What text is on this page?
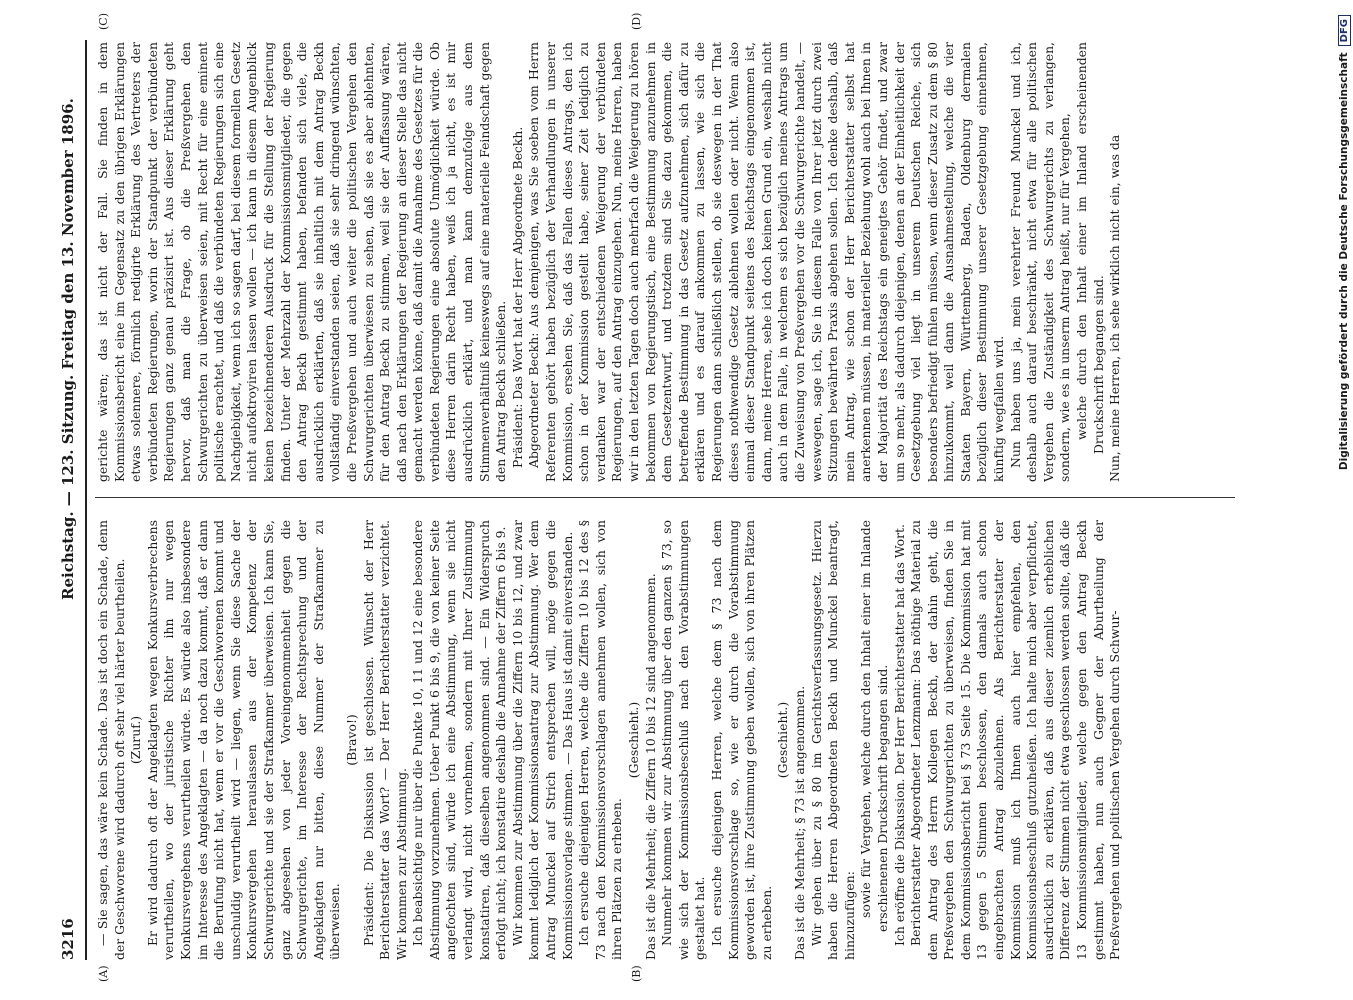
3216
Reichstag. — 123. Sitzung. Freitag den 13. November 1896.
(A)	(B)
(C)	(D)

— Sie sagen, das wäre kein Schade. Das ist doch ein Schade, denn der Geschworene wird dadurch oft sehr viel härter beurtheilen. (Zuruf.) Er wird dadurch oft der Angeklagten wegen Konkursverbrechens verurtheilen, wo der juristische Richter ihn nur wegen Konkursvergehens verurtheilen würde. Es würde also insbesondere im Interesse des Angeklagten — da noch dazu kommt, daß er dann die Berufung nicht hat, wenn er vor die Geschworenen kommt und unschuldig verurtheilt wird — liegen, wenn Sie diese Sache der Konkursvergehen herauslassen aus der Kompetenz der Schwurgerichte und sie der Strafkammer überweisen. Ich kann Sie, ganz abgesehen von jeder Voreingenommenheit gegen die Schwurgerichte, im Interesse der Rechtsprechung und der Angeklagten nur bitten, diese Nummer der Strafkammer zu überweisen.

(Bravo!) Präsident: Die Diskussion ist geschlossen. Wünscht der Herr Berichterstatter das Wort? — Der Herr Berichterstatter verzichtet. Wir kommen zur Abstimmung. Ich beabsichtige nur über die Punkte 10, 11 und 12 eine besondere Abstimmung vorzunehmen. Ueber Punkt 6 bis 9, die von keiner Seite angefochten sind, würde ich eine Abstimmung, wenn sie nicht verlangt wird, nicht vornehmen, sondern mit Ihrer Zustimmung konstatiren, daß dieselben angenommen sind. — Ein Widerspruch erfolgt nicht; ich konstatire deshalb die Annahme der Ziffern 6 bis 9. Wir kommen zur Abstimmung über die Ziffern 10 bis 12, und zwar kommt lediglich der Kommissionsantrag zur Abstimmung. Wer dem Antrag Munckel auf Strich entsprechen will, möge gegen die Kommissionsvorlage stimmen. — Das Haus ist damit einverstanden. Ich ersuche diejenigen Herren, welche die Ziffern 10 bis 12 des § 73 nach den Kommissionsvorschlagen annehmen wollen, sich von ihren Plätzen zu erheben.

(Geschieht.) Das ist die Mehrheit; die Ziffern 10 bis 12 sind angenommen. Nunmehr kommen wir zur Abstimmung über den ganzen § 73, so wie sich der Kommissionsbeschluß nach den Vorabstimmungen gestaltet hat. Ich ersuche diejenigen Herren, welche dem § 73 nach dem Kommissionsvorschlage so, wie er durch die Vorabstimmung geworden ist, ihre Zustimmung geben wollen, sich von ihren Plätzen zu erheben.

(Geschieht.) Das ist die Mehrheit; § 73 ist angenommen. Wir gehen über zu § 80 im Gerichtsverfassungsgesetz. Hierzu haben die Herren Abgeordneten Beckh und Munckel beantragt, hinzuzufügen: sowie für Vergehen, welche durch den Inhalt einer im Inlande erschienenen Druckschrift begangen sind. Ich eröffne die Diskussion. Der Herr Berichterstatter hat das Wort. Berichterstatter Abgeordneter Lenzmann: Das nöthige Material zu dem Antrag des Herrn Kollegen Beckh, der dahin geht, die Preßvergehen den Schwurgerichten zu überweisen, finden Sie in dem Kommissionsbericht bei § 73 Seite 15. Die Kommission hat mit 13 gegen 5 Stimmen beschlossen, den damals auch schon eingebrachten Antrag abzulehnen. Als Berichterstatter der Kommission muß ich Ihnen auch hier empfehlen, den Kommissionsbeschluß gutzuheißen. Ich halte mich aber verpflichtet, ausdrücklich zu erklären, daß aus dieser ziemlich erheblichen Differenz der Stimmen nicht etwa geschlossen werden sollte, daß die 13 Kommissionsmitglieder, welche gegen den Antrag Beckh gestimmt haben, nun auch Gegner der Aburtheilung der Preßvergehen und politischen Vergehen durch Schwur-

gerichte wären; das ist nicht der Fall. Sie finden in dem Kommissionsbericht eine im Gegensatz zu den übrigen Erklärungen etwas solennere, förmlich redigirte Erklärung des Vertreters der verbündeten Regierungen, worin der Standpunkt der verbündeten Regierungen ganz genau präzisirt ist. Aus dieser Erklärung geht hervor, daß man die Frage, ob die Preßvergehen den Schwurgerichten zu überweisen seien, mit Recht für eine eminent politische erachtet, und daß die verbündeten Regierungen sich eine Nachgiebigkeit, wenn ich so sagen darf, bei diesem formellen Gesetz nicht aufoktroyiren lassen wollen — ich kann in diesem Augenblick keinen bezeichnenderen Ausdruck für die Stellung der Regierung finden. Unter der Mehrzahl der Kommissionsmitglieder, die gegen den Antrag Beckh gestimmt haben, befanden sich viele, die ausdrücklich erklärten, daß sie inhaltlich mit dem Antrag Beckh vollständig einverstanden seien, daß sie sehr dringend wünschten, die Preßvergehen und auch weiter die politischen Vergehen den Schwurgerichten überwiesen zu sehen, daß sie es aber ablehnten, für den Antrag Beckh zu stimmen, weil sie der Auffassung wären, daß nach den Erklärungen der Regierung an dieser Stelle das nicht gemacht werden könne, daß damit die Annahme des Gesetzes für die verbündeten Regierungen eine absolute Unmöglichkeit würde. Ob diese Herren darin Recht haben, weiß ich ja nicht, es ist mir ausdrücklich erklärt, und man kann demzufolge aus dem Stimmenverhältniß keineswegs auf eine materielle Feindschaft gegen den Antrag Beckh schließen. Präsident: Das Wort hat der Herr Abgeordnete Beckh. Abgeordneter Beckh: Aus demjenigen, was Sie soeben vom Herrn Referenten gehört haben bezüglich der Verhandlungen in unserer Kommission, ersehen Sie, daß das Fallen dieses Antrags, den ich schon in der Kommission gestellt habe, seiner Zeit lediglich zu verdanken war der entschiedenen Weigerung der verbündeten Regierungen, auf den Antrag einzugehen. Nun, meine Herren, haben wir in den letzten Tagen doch auch mehrfach die Weigerung zu hören bekommen von Regierungstisch, eine Bestimmung anzunehmen in dem Gesetzentwurf, und trotzdem sind Sie dazu gekommen, die betreffende Bestimmung in das Gesetz aufzunehmen, sich dafür zu erklären und es darauf ankommen zu lassen, wie sich die Regierungen dann schließlich stellen, ob sie deswegen in der That dieses nothwendige Gesetz ablehnen wollen oder nicht. Wenn also einmal dieser Standpunkt seitens des Reichstags eingenommen ist, dann, meine Herren, sehe ich doch keinen Grund ein, weshalb nicht auch in dem Falle, in welchem es sich bezüglich meines Antrags um die Zuweisung von Preßvergehen vor die Schwurgerichte handelt, — weswegen, sage ich, Sie in diesem Falle von Ihrer jetzt durch zwei Sitzungen bewährten Praxis abgehen sollen. Ich denke deshalb, daß mein Antrag, wie schon der Herr Berichterstatter selbst hat anerkennen müssen, in materieller Beziehung wohl auch bei Ihnen in der Majorität des Reichstags ein geneigtes Gehör findet, und zwar um so mehr, als dadurch diejenigen, denen an der Einheitlichkeit der Gesetzgebung viel liegt in unserem Deutschen Reiche, sich besonders befriedigt fühlen müssen, wenn dieser Zusatz zu dem § 80 hinzukommt, weil dann die Ausnahmestellung, welche die vier Staaten Bayern, Württemberg, Baden, Oldenburg dermalen bezüglich dieser Bestimmung unserer Gesetzgebung einnehmen, künftig wegfallen wird. Nun haben uns ja, mein verehrter Freund Munckel und ich, deshalb auch darauf beschränkt, nicht etwa für alle politischen Vergehen die Zuständigkeit des Schwurgerichts zu verlangen, sondern, wie es in unserm Antrag heißt, nur für Vergehen, welche durch den Inhalt einer im Inland erscheinenden Druckschrift begangen sind. Nun, meine Herren, ich sehe wirklich nicht ein, was da	Digitalisierung gefördert durch die Deutsche ForschungsgemeinschaftDFG
